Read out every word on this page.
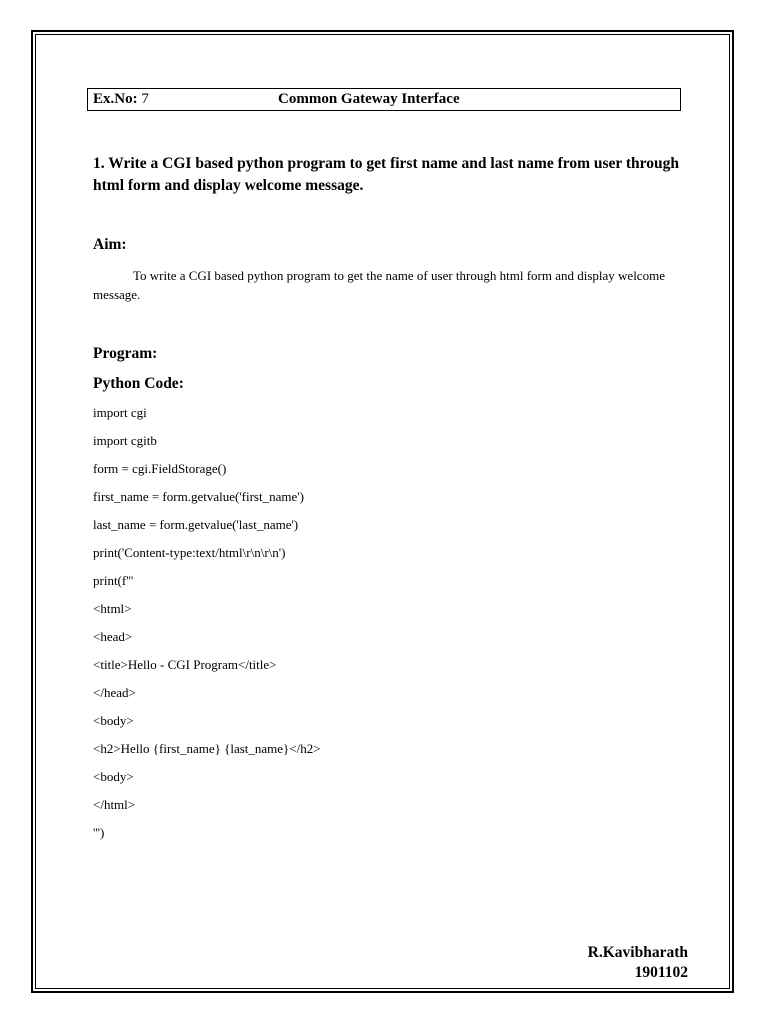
Ex.No: 7	Common Gateway Interface
1. Write a CGI based python program to get first name and last name from user through html form and display welcome message.
Aim:
To write a CGI based python program to get the name of user through html form and display welcome message.
Program:
Python Code:
import cgi
import cgitb
form = cgi.FieldStorage()
first_name = form.getvalue('first_name')
last_name = form.getvalue('last_name')
print('Content-type:text/html\r\n\r\n')
print(f'''
<html>
<head>
<title>Hello - CGI Program</title>
</head>
<body>
<h2>Hello {first_name} {last_name}</h2>
<body>
</html>
''')
R.Kavibharath
1901102
